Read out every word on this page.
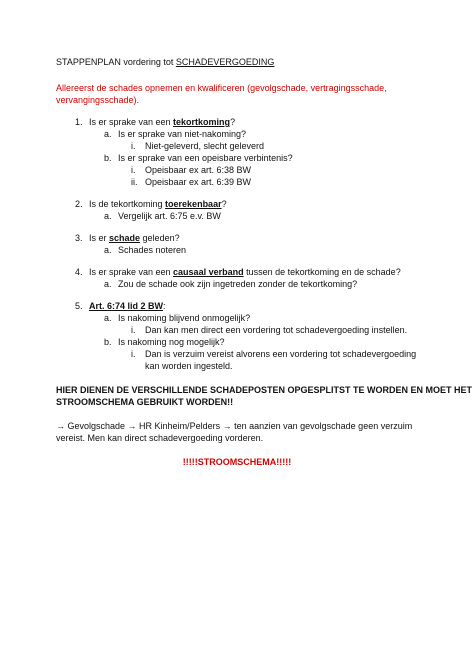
STAPPENPLAN vordering tot SCHADEVERGOEDING
Allereerst de schades opnemen en kwalificeren (gevolgschade, vertragingsschade,
vervangingsschade).
1. Is er sprake van een tekortkoming?
a. Is er sprake van niet-nakoming?
i. Niet-geleverd, slecht geleverd
b. Is er sprake van een opeisbare verbintenis?
i. Opeisbaar ex art. 6:38 BW
ii. Opeisbaar ex art. 6:39 BW
2. Is de tekortkoming toerekenbaar?
a. Vergelijk art. 6:75 e.v. BW
3. Is er schade geleden?
a. Schades noteren
4. Is er sprake van een causaal verband tussen de tekortkoming en de schade?
a. Zou de schade ook zijn ingetreden zonder de tekortkoming?
5. Art. 6:74 lid 2 BW:
a. Is nakoming blijvend onmogelijk?
i. Dan kan men direct een vordering tot schadevergoeding instellen.
b. Is nakoming nog mogelijk?
i. Dan is verzuim vereist alvorens een vordering tot schadevergoeding
kan worden ingesteld.
HIER DIENEN DE VERSCHILLENDE SCHADEPOSTEN OPGESPLITST TE WORDEN EN MOET HET
STROOMSCHEMA GEBRUIKT WORDEN!!
→ Gevolgschade → HR Kinheim/Pelders → ten aanzien van gevolgschade geen verzuim
vereist. Men kan direct schadevergoeding vorderen.
!!!!!STROOMSCHEMA!!!!!
